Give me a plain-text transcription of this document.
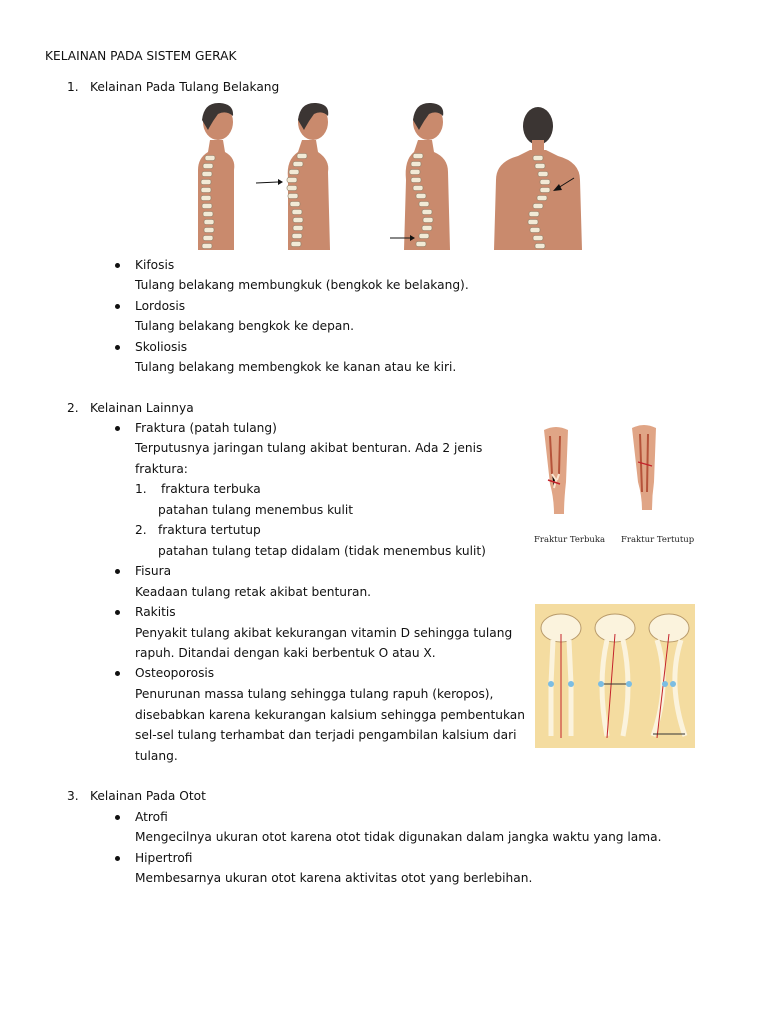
KELAINAN PADA SISTEM GERAK
1. Kelainan Pada Tulang Belakang
Kifosis
Tulang belakang membungkuk (bengkok ke belakang).
Lordosis
Tulang belakang bengkok ke depan.
Skoliosis
Tulang belakang membengkok ke kanan atau ke kiri.
2. Kelainan Lainnya
Fraktura (patah tulang)
Terputusnya jaringan tulang akibat benturan. Ada 2 jenis
fraktura:
1. fraktura terbuka
patahan tulang menembus kulit
2. fraktura tertutup
patahan tulang tetap didalam (tidak menembus kulit)
Fraktur Terbuka Fraktur Tertutup
Fisura
Keadaan tulang retak akibat benturan.
Rakitis
Penyakit tulang akibat kekurangan vitamin D sehingga tulang
rapuh. Ditandai dengan kaki berbentuk O atau X.
Osteoporosis
Penurunan massa tulang sehingga tulang rapuh (keropos),
disebabkan karena kekurangan kalsium sehingga pembentukan
sel-sel tulang terhambat dan terjadi pengambilan kalsium dari
tulang.
3. Kelainan Pada Otot
Atrofi
Mengecilnya ukuran otot karena otot tidak digunakan dalam jangka waktu yang lama.
Hipertrofi
Membesarnya ukuran otot karena aktivitas otot yang berlebihan.
